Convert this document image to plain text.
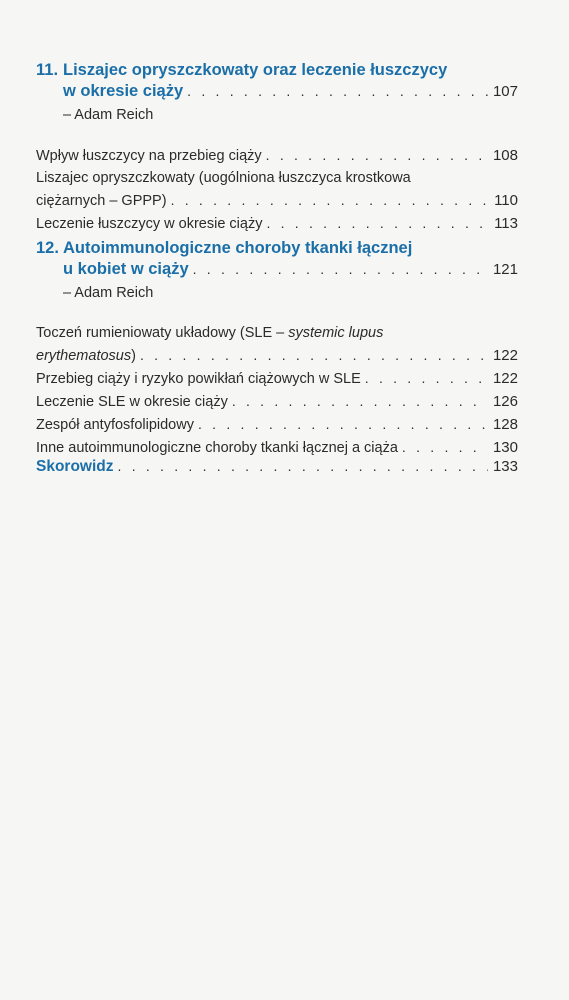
11. Liszajec opryszczkowaty oraz leczenie łuszczycy
w okresie ciąży . . .	107
– Adam Reich
Wpływ łuszczycy na przebieg ciąży . . .	108
Liszajec opryszczkowaty (uogólniona łuszczyca krostkowa
ciężarnych – GPPP) . . .	110
Leczenie łuszczycy w okresie ciąży . . .	113
12. Autoimmunologiczne choroby tkanki łącznej
u kobiet w ciąży . . .	121
– Adam Reich
Toczeń rumieniowaty układowy (SLE – systemic lupus
erythematosus) . . .	122
Przebieg ciąży i ryzyko powikłań ciążowych w SLE . . .	122
Leczenie SLE w okresie ciąży . . .	126
Zespół antyfosfolipidowy . . .	128
Inne autoimmunologiczne choroby tkanki łącznej a ciąża . . .	130
Skorowidz . . .	133
